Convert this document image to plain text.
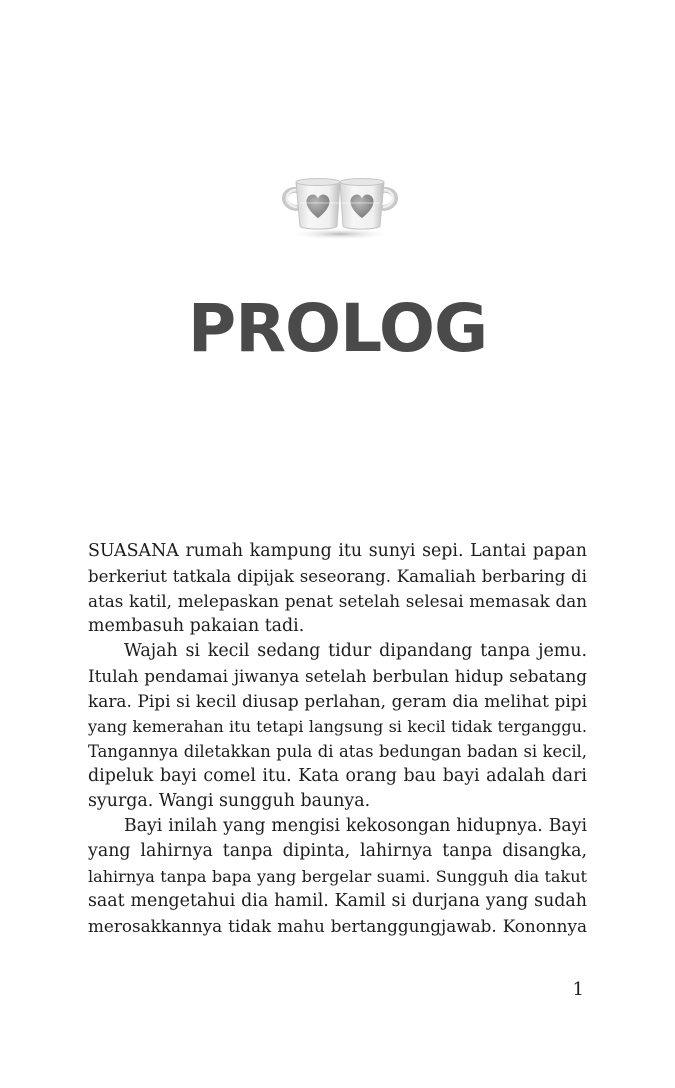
PROLOG
SUASANA rumah kampung itu sunyi sepi. Lantai papan
berkeriut tatkala dipijak seseorang. Kamaliah berbaring di
atas katil, melepaskan penat setelah selesai memasak dan
membasuh pakaian tadi.
Wajah si kecil sedang tidur dipandang tanpa jemu.
Itulah pendamai jiwanya setelah berbulan hidup sebatang
kara. Pipi si kecil diusap perlahan, geram dia melihat pipi
yang kemerahan itu tetapi langsung si kecil tidak terganggu.
Tangannya diletakkan pula di atas bedungan badan si kecil,
dipeluk bayi comel itu. Kata orang bau bayi adalah dari
syurga. Wangi sungguh baunya.
Bayi inilah yang mengisi kekosongan hidupnya. Bayi
yang lahirnya tanpa dipinta, lahirnya tanpa disangka,
lahirnya tanpa bapa yang bergelar suami. Sungguh dia takut
saat mengetahui dia hamil. Kamil si durjana yang sudah
merosakkannya tidak mahu bertanggungjawab. Kononnya
1
